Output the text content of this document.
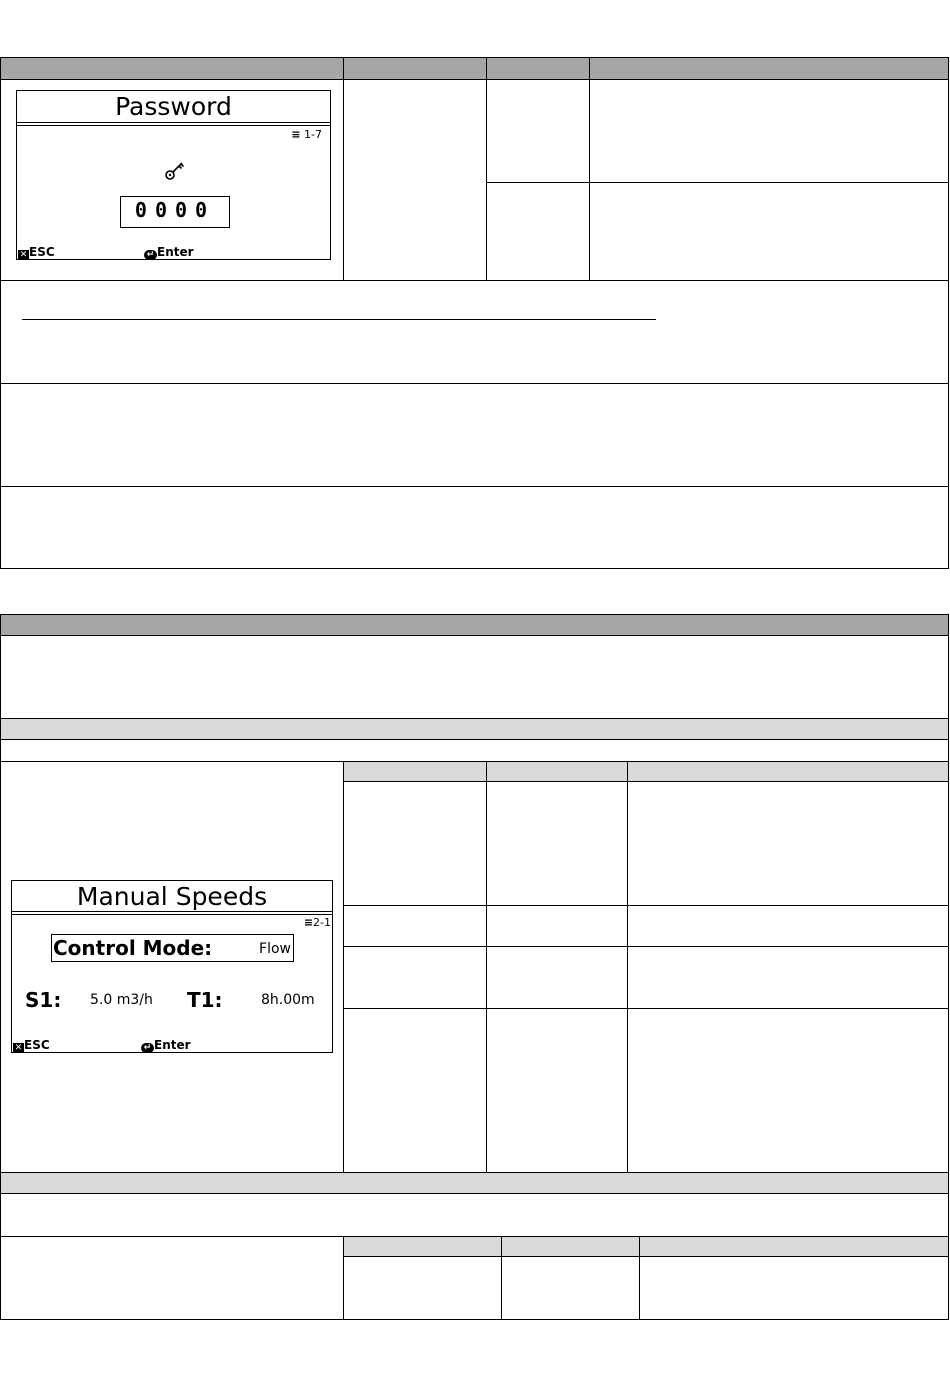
Password
≡ 1-7
0000
✕ ESC	↵ Enter
Manual Speeds
≡2-1
Control Mode:	Flow
S1: 5.0 m3/h T1:	8h.00m
✕ ESC	↵ Enter
